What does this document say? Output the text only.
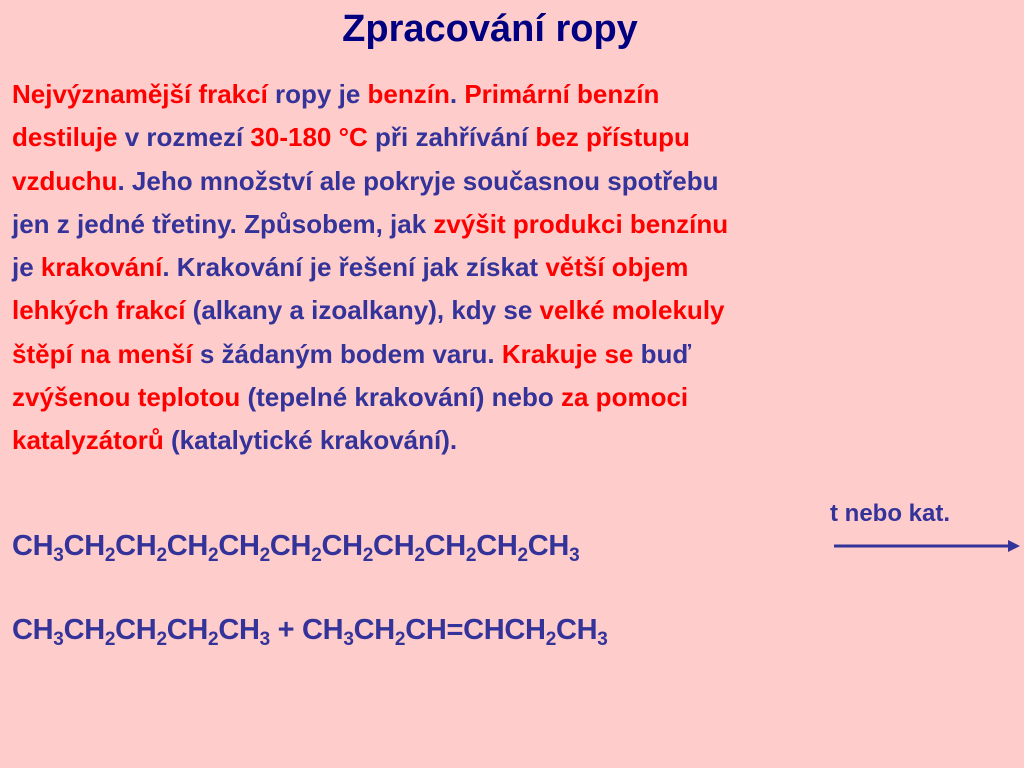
Zpracování ropy
Nejvýznamější frakcí ropy je benzín. Primární benzín
destiluje v rozmezí 30-180 °C při zahřívání bez přístupu
vzduchu. Jeho množství ale pokryje současnou spotřebu
jen z jedné třetiny. Způsobem, jak zvýšit produkci benzínu
je krakování. Krakování je řešení jak získat větší objem
lehkých frakcí (alkany a izoalkany), kdy se velké molekuly
štěpí na menší s žádaným bodem varu. Krakuje se buď
zvýšenou teplotou (tepelné krakování) nebo za pomoci
katalyzátorů (katalytické krakování).
$CH_3CH_2CH_2CH_2CH_2CH_2CH_2CH_2CH_2CH_2CH_3$
t nebo kat.
$CH_3CH_2CH_2CH_2CH_3$ + $CH_3CH_2CH=CHCH_2CH_3$
